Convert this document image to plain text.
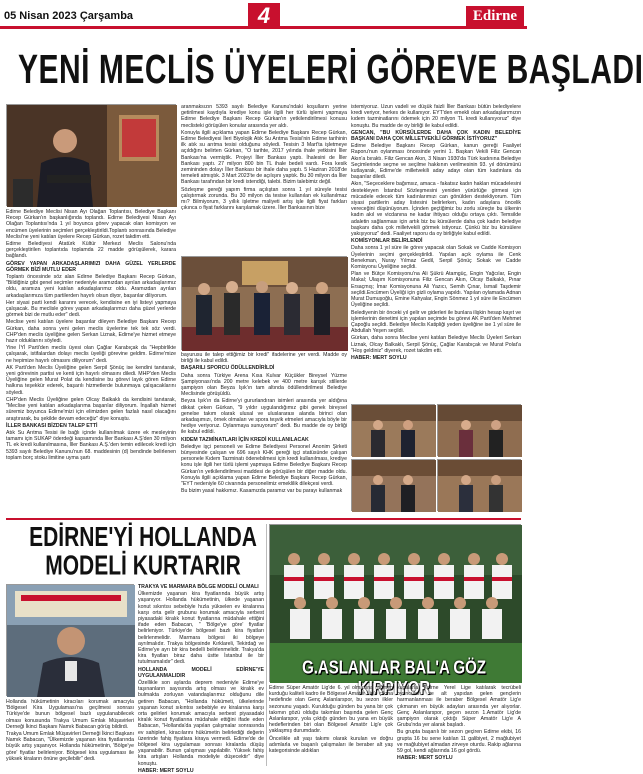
05 Nisan 2023 Çarşamba	4	Edirne
YENİ MECLİS ÜYELERİ GÖREVE BAŞLADI

Edirne Belediye Meclisi Nisan Ayı Olağan Toplantısı, Belediye Başkanı Recep Gürkan'ın başkanlığında toplandı. Edirne Belediyesi Nisan Ayı Olağan Toplantısı'nda 1 yıl boyunca görev yapacak olan komisyon ve encümen üyelerinin seçimleri gerçekleştirildi.Toplantı sonrasında Belediye Meclisi'ne yeni katılan üyelere Recep Gürkan, rozet takdim etti.

Edirne Belediyesi Atatürk Kültür Merkezi Meclis Salonu'nda gerçekleştirilen toplantıda toplamda 22 madde görüşülerek, karara bağlandı.

GÖREV YAPAN ARKADAŞLARIMIZI DAHA GÜZEL YERLERDE GÖRMEK BİZİ MUTLU EDER

Toplantı öncesinde söz alan Edirne Belediye Başkanı Recep Gürkan, "Bildiğiniz gibi genel seçimler nedeniyle aramızdan ayrılan arkadaşlarımız oldu, aramıza yeni katılan arkadaşlarımız oldu. Aramızdan ayrılan arkadaşlarımıza tüm partilerden hayırlı olsun diyor, başarılar diliyorum.

Her siyasi parti kendi kararını verecek, kendisine en iyi listeyi yapmaya çalışacak. Bu meclisle görev yapan arkadaşlarımızı daha güzel yerlerde görmek bizi de mutlu eder" dedi.

Meclise yeni katılan üyelere başarılar dileyen Belediye Başkanı Recep Gürkan, daha sonra yeni gelen meclis üyelerine tek tek söz verdi. CHP'den meclis üyeliğine gelen Serkan Liznak, Edirne'ye hizmet etmeye hazır olduklarını söyledi.

Yine İYİ Parti'den meclis üyesi olan Çağlar Karabıçak da "Hepbirlikte çalışarak, istifalardan dolayı meclis üyeliği görevine geldim. Edirne'mize ne hepimize hayırlı olmasını diliyorum" dedi.

AK Parti'den Meclis Üyeliğine gelen Serpil Şönüç ise kendini tanıtarak, yeni görevinin partisi ve kenti için hayırlı olmasını diledi. MHP'den Meclis Üyeliğine gelen Murat Polat da kendisine bu görevi layık gören Edirne halkına teşekkür ederek, başarılı hizmetlerde bulunmaya çalışacaklarını söyledi.

CHP'den Meclis Üyeliğine gelen Olcay Balkaklı da kendisini tanıtarak, "Meclise yeni katılan arkadaşlarıma başarılar diliyorum. İnşallah hizmet süremiz boyunca Edirne'mizi için elimizden gelen fazlalı nasıl olacağını araştırarak, bu şekilde devam edeceğiz" diye konuştu.

İLLER BANKASI BİZDEN TALEP ETTİ

Atık Su Arıtma Tesisi ile bağlı içinde kullanılmak üzere ek mesleyinin tamamı için SUKAP öderdeği kapsamında İller Bankası A.Ş'den 30 milyon TL ek kredi kullanılmasına, İller Bankası A.Ş.'den temin edilecek kredi için 5393 sayılı Belediye Kanunu'nun 68. maddesinin (d) bendinde belirlenen toplam borç stoku limitine uyma şartı

aranmaksızın 5393 sayılı Belediye Kanunu'ndaki koşulların yerine getirilmesi kaydıyla krediye konu işle ilgili her türlü işlemi yapmaya Edirne Belediye Başkanı Recep Gürkan'ın yetkilendirilmesi konusu meclisteki görüşülen konular arasında yer aldı.

Konuyla ilgili açıklama yapan Edirne Belediye Başkanı Recep Gürkan, Edirne Belediyesi İleri Biyolojik Atık Su Arıtma Tesisi'nin Edirne tarihinin ilk atık su arıtma tesisi olduğunu söyledi. Tesisin 3 Mart'ta işletmeye açıldığını belirten Gürkan, "O tarihte, 2017 yılında ihale yetkisini İller Bankası'na vermiştik. Projeyi İller Bankası yaptı. İhalesini de İller Bankası yaptı. 27 milyon 800 bin TL ihale bedeli vardı. Fora kesik zemininden dolayı İller Bankası bir ihale daha yaptı. 5 Haziran 2018'de temeleti atmıştık. 3 Mart 2023'te de açılışını yaptık. Bu 30 milyon da İller Bankası tarafından bir kredi istendiği, talebi. Bizim talebimiz değil.

Sözleşme gereği yapım firma açılıştan sonra 1 yıl süreyle tesisi çalıştırmak zorunda. Bu 30 milyon da tesise kullanılan ek kullanılmaz mı? Bilmiyorum, 3 yıllık işletme maliyeti artış işle ilgili fiyat farkları çıkınca o fiyat farklarını karşılamak üzere. İller Bankasının bize

bayurusu ile talep ettiğimiz bir kredi" ifadelerine yer verdi. Madde oy birliği ile kabul edildi.

BAŞARILI SPORCU ÖDÜLLENDİRİLDİ

Daha sonra Türkiye Arena Kısa Kulvar Küçükler Bireysel Yüzme Şampiyonası'nda 200 metre kelebek ve 400 metre karışık stillerde şampiyon olan Beyza Işık'ın tam altında ödüllendirilmesi Belediye Meclisinde görüşüldü.

Beyza Işık'ın da Edirne'yi gururlandıran isimleri arasında yer aldığına dikkat çeken Gürkan, "9 yıldır uygulandığımız gibi genek bireysel genelse takım olarak ulusal ve uluslararası alanda birinci olan arkadaşımızı, örnek olmaları ve spora teşvik etmeleri amacıyla böyle bir hediye veriyoruz. Oylanmaya sunuyorum" dedi. Bu madde de oy birliği ile kabul edildi.

KIDEM TAZMİNATLARI İÇİN KREDİ KULLANILACAK

Belediye işçi personeli ve Edirne Belediyesi Personel Anonim Şirketi bünyesinde çalışan ve 696 sayılı KHK gereği işçi statüsünde çalışan personele Kıdem Tazminatı ödenebilmesi için kredi kullanılması, krediye konu işle ilgili her türlü işlemi yapmaya Edirne Belediye Başkanı Recep Gürkan'ın yetkilendirilmesi maddesi de görüşülen bir diğer madde oldu. Konuyla ilgili açıklama yapan Edirne Belediye Başkanı Recep Gürkan, "EYT nedeniyle 60 civarında personelimiz emeklilik dilekçesi verdi.

Bu bizim yasal hakkımız. Kasamızda paramız var bu parayı kullanmak

istemiyoruz. Uzun vadeli ve düşük faizli İller Bankası bütün belediyelere kredi veriyor, herkes de kullanıyor. EYT'den emekli olan arkadaşlarımızın kıdem tazminatlarını ödemek için 20 milyon TL kredi kullanıyoruz" diye konuştu. Bu madde de oy birliği ile kabul edildi.

GENCAN, "BU KÜRSÜLERDE DAHA ÇOK KADIN BELEDİYE BAŞKANI DAHA ÇOK MİLLETVEKİLİ GÖRMEK İSTİYORUZ"

Edirne Belediye Başkanı Recep Gürkan, kanun gereği Faaliyet Raporu'nun oylanması öncesinde yerini 1. Başkan Vekili Filiz Gencan Akın'a bıraktı. Filiz Gencan Akın, 3 Nisan 1930'da Türk kadınına Belediye Seçimlerinde seçme ve seçilme hakkının verilmesinin 93. yıl dönümünü kutlayarak, Edirne'de milletvekili aday adayı olan tüm kadınlara da başarılar diledi.

Akın, "Seçeceklere bağımsız, amaca - fakatsız kadın hakları mücadelesini destekleyen İstanbul Sözleşmesini yeniden yürürlüğe girmesi için mücadele edecek tüm kadınlarımızı can gönülden destekliyorum. Tüm siyasi partilerin aday listesini belirlerken, kadın adaylara öncelik vereceğini düşünüyorum. İçinden geçtiğimiz bu zorlu süreçte bu ülkenin kadın akıl ve vicdanına ne kadar ihtiyacı olduğu ortaya çıktı. Temsilde adaletin sağlanması için artık biz bu kürsülerde daha çok kadın belediye başkanı daha çok milletvekili görmek istiyoruz. Çünkü biz bu kürsülere yakışıyoruz" dedi. Faaliyet raporu da oy birliğiyle kabul edildi.

KOMİSYONLAR BELİRLENDİ

Daha sonra 1 yıl süre ile görev yapacak olan Sokak ve Cadde Komisyon Üyelerinin seçimi gerçekleştirildi. Yapılan açık oylama ile Cenk Benekman, Nuray Yılmaz Gedil, Serpil Şönüç Sokak ve Cadde Komisyonu Üyeliğine seçildi.

Plan ve Bütçe Komisyonu'na Ali Şükrü Atamgüç, Engin Yağcılar, Engin Makal; Ulaşım Komisyonuna Filiz Gencan Akın, Olcay Balkaklı, Pınar Ersaçmış; İmar Komisyonuna Ali Yazıcı, Semih Çınar, İsmail Taşdemir seçildi.Encümen Üyeliği için gizli oylama yapıldı. Yapılan oylamada Adnan Murat Dumuşoğlu, Emine Kahyalar, Engin Sönmez 1 yıl süre ile Encümen Üyeliğine seçildi.

Belediyenin bir önceki yıl gelir ve giderleri ile bunlara ilişkin hesap kayıt ve işlemlerinin denetimi için yapılan seçimde bu görevi AK Parti'den Mehmet Çapoğlu seçildi. Belediye Meclis Katipliği yeden üyeliğine ise 1 yıl süre ile Abdullah Yeşen seçildi.

Gürkan, daha sonra Meclise yeni katılan Belediye Meclis Üyeleri Serkan Liznak, Olcay Balkaklı, Serpil Şönüç, Çağlar Karabıçak ve Murat Polat'a "Hoş geldiniz" diyerek, rozet takdim etti.

HABER: MERT SOYLU

EDİRNE'Yİ HOLLANDA
MODELİ KURTARIR

Hollanda hükümetinin kiracıları korumak amacıyla 'Bölgesel Kira Uygulaması'na geçilmesi sonrası Türkiye'de bunun bölgesel bazlı uygulanabilecek olması konusunda Trakya Umum Emlak Müşavirleri Derneği İkinci Başkanı Namık Babacan görüş bildirdi.

Trakya Umum Emlak Müşavirleri Derneği İkinci Başkanı Namık Babacan, "Ülkemizde yaşanan kira fiyatlarında büyük artış yaşanıyor. Hollanda hükümetinin, 'Bölge'ye göre' fiyatlar belirleniyor. Bölgesel kira uygulaması ile yüksek kiraların önüne geçilebilir" dedi.

TRAKYA VE MARMARA BÖLGE MODELİ OLMALI

Ülkemizde yaşanan kira fiyatlarında büyük artış yaşanıyor. Hollanda hükümetinin, ülkede yaşanan konut sıkıntısı sebebiyle hızla yükselen ev kiralarına karşı orta gelir grubunu korumak amacıyla serbest piyasadaki kiralık konut fiyatlarına müdahale ettiğini ifade eden Babacan, " 'Bölge'ye göre' fiyatlar belirleniyor. Türkiye'de bölgesel bazlı kira fiyatları belirlenmelidir. Marmara bölgesi iki bölgeye ayrılmalıdır. Trakya bölgesinde Kırklareli, Tekirdağ ve Edirne'ye ayrı bir kira bedelli belirlenmelidir. Trakya'da kira fiyatları biraz daha üstte İstanbul ile bir tutulmamalıdır" dedi.

HOLLANDA MODELİ EDİRNE'YE UYGULANMALIDIR

Özellikle son aylarda deprem nedeniyle Edirne'ye taşınanların sayısında artış olması ve kiralık ev bulmakta zorluyan vatandaşlarımız olduğunu dile getiren Babacan, "Hollanda hükümeti, ülkelerinde yaşanan konut sıkıntısı sebebiyle ev kiralarına karşı orta gelirleri korumak amacıyla serbest piyasadaki kiralık konut fiyatlarına müdahale ettiğini ifade eden Babacan, "Hollanda'da yapılan çalışmalar sonrasında ev sahipleri, kiracılarını hükümetin belirlediği değerin üzerinde fahiş fiyatlara kiraya vermedi. Edirne'de de bölgesel kira uygulaması sonrası kiralarda düşüş yaşanabilir. Bunun çalışması yapılabilir. Yüksek fahiş kira artışları Hollanda modeliyle düşecektir" diye konuştu.

HABER: MERT SOYLU

G.ASLANLAR BAL'A GÖZ KIRPIYOR

Edirne Süper Amatör Lig'de 6. yıl olmasına rağmen kurduğu kaliteli kadro ile Bölgesel Amatör Lig'e çıkma hedefinde olan Genç Aslanlarspor, bu sezon ilkler sezonunu yaşadı. Kurulduğu günden bu yana bir çok takımın gözü olduğu takımları başında gelen Genç Aslanlarspor, yola çıktığı günden bu yana en büyük hedeflerinden biri olan Bölgesel Amatör Lig'e çok yaklaşmış durumdadır.

Öncelikle alt yaşı takımı olarak kurulan ve doğru adımlarla ve başarılı çalışmaları ile beraber alt yaş kategorisinde aldıkları

kupalarla Edirne Yerel Lige katılarak tecrübeli oyuncuları ve alt yapıdan gelen gençlerin harmanlanması ile beraber Bölgesel Amatör Lig'e çıkmanın en büyük adayları arasında yer alıyorlar. Genç Aslanlarspor, geçen sezon 1.Amatör Lig'de şampiyon olarak çıktığı Süper Amatör Lig'e A Grubu'nda yer alarak başladı.

Bu grupta başarılı bir sezon geçiren Edirne ekibi, 16 grupta 16 bu sene katılan 11 galibiyet, 2 mağlubiyet ve mağlubiyet almadan zirveye oturdu. Rakip ağlarına 59 gol, kendi ağlarında 16 gol gördü.

HABER: MERT SOYLU
